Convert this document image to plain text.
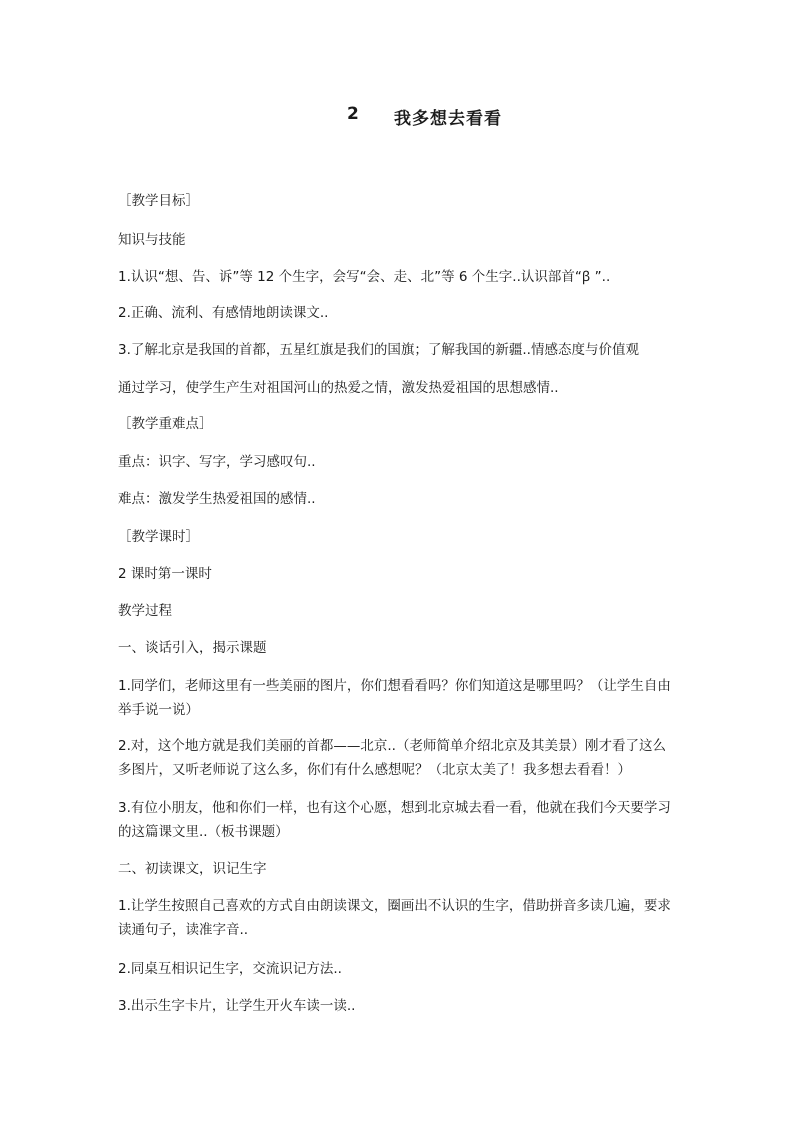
2 我多想去看看
［教学目标］
知识与技能
1.认识“想、告、诉”等 12 个生字，会写“会、走、北”等 6 个生字..认识部首“ꞵ ”..
2.正确、流利、有感情地朗读课文..
3.了解北京是我国的首都，五星红旗是我们的国旗；了解我国的新疆..情感态度与价值观
通过学习，使学生产生对祖国河山的热爱之情，激发热爱祖国的思想感情..
［教学重难点］
重点：识字、写字，学习感叹句..
难点：激发学生热爱祖国的感情..
［教学课时］
2 课时第一课时
教学过程
一、谈话引入，揭示课题
1.同学们，老师这里有一些美丽的图片，你们想看看吗？你们知道这是哪里吗？（让学生自由举手说一说）
2.对，这个地方就是我们美丽的首都——北京..（老师简单介绍北京及其美景）刚才看了这么多图片，又听老师说了这么多，你们有什么感想呢？（北京太美了！我多想去看看！）
3.有位小朋友，他和你们一样，也有这个心愿，想到北京城去看一看，他就在我们今天要学习的这篇课文里..（板书课题）
二、初读课文，识记生字
1.让学生按照自己喜欢的方式自由朗读课文，圈画出不认识的生字，借助拼音多读几遍，要求读通句子，读准字音..
2.同桌互相识记生字，交流识记方法..
3.出示生字卡片，让学生开火车读一读..
